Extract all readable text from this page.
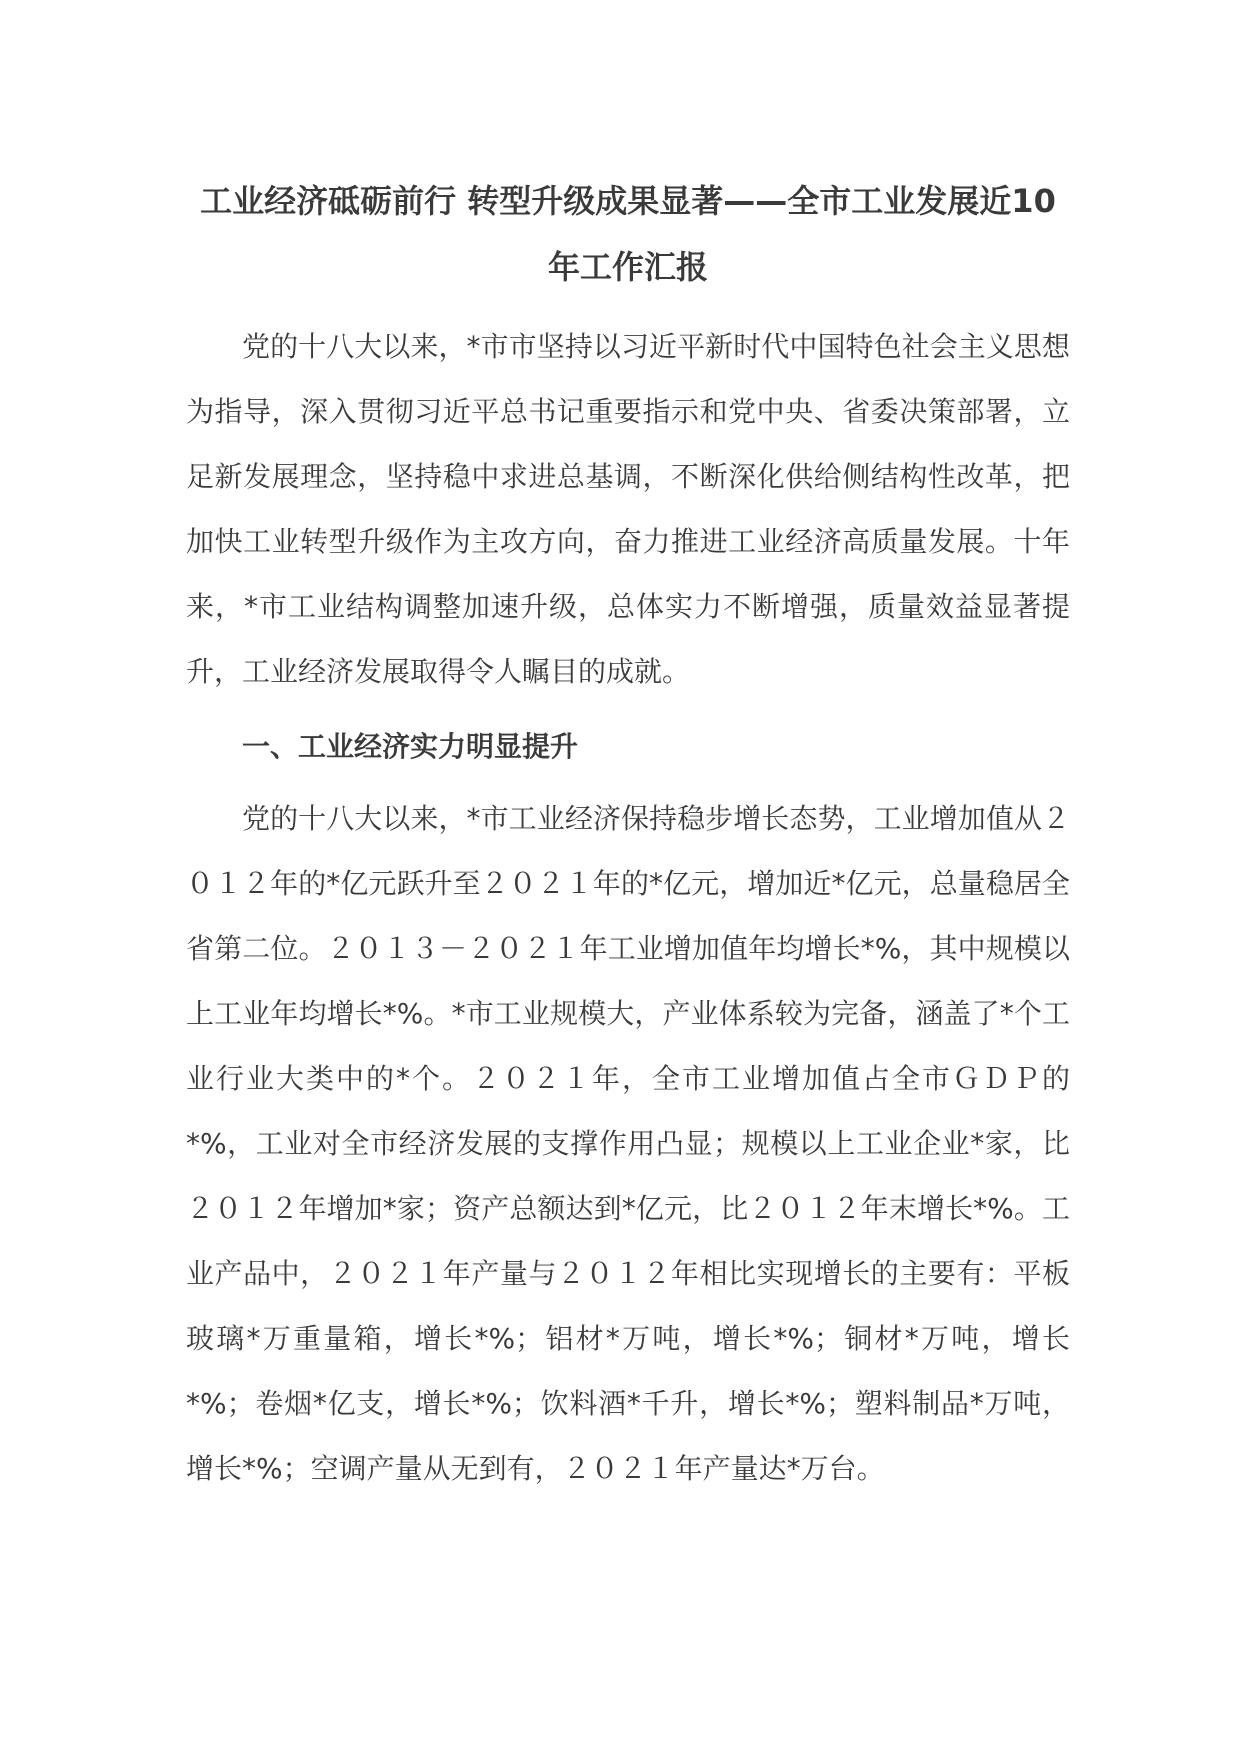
工业经济砥砺前行 转型升级成果显著——全市工业发展近10年工作汇报

党的十八大以来，*市市坚持以习近平新时代中国特色社会主义思想为指导，深入贯彻习近平总书记重要指示和党中央、省委决策部署，立足新发展理念，坚持稳中求进总基调，不断深化供给侧结构性改革，把加快工业转型升级作为主攻方向，奋力推进工业经济高质量发展。十年来，*市工业结构调整加速升级，总体实力不断增强，质量效益显著提升，工业经济发展取得令人瞩目的成就。

一、工业经济实力明显提升

党的十八大以来，*市工业经济保持稳步增长态势，工业增加值从２０１２年的*亿元跃升至２０２１年的*亿元，增加近*亿元，总量稳居全省第二位。２０１３－２０２１年工业增加值年均增长*%，其中规模以上工业年均增长*%。*市工业规模大，产业体系较为完备，涵盖了*个工业行业大类中的*个。２０２１年，全市工业增加值占全市ＧＤＰ的*%，工业对全市经济发展的支撑作用凸显；规模以上工业企业*家，比２０１２年增加*家；资产总额达到*亿元，比２０１２年末增长*%。工业产品中，２０２１年产量与２０１２年相比实现增长的主要有：平板玻璃*万重量箱，增长*%；铝材*万吨，增长*%；铜材*万吨，增长*%；卷烟*亿支，增长*%；饮料酒*千升，增长*%；塑料制品*万吨，增长*%；空调产量从无到有，２０２１年产量达*万台。
